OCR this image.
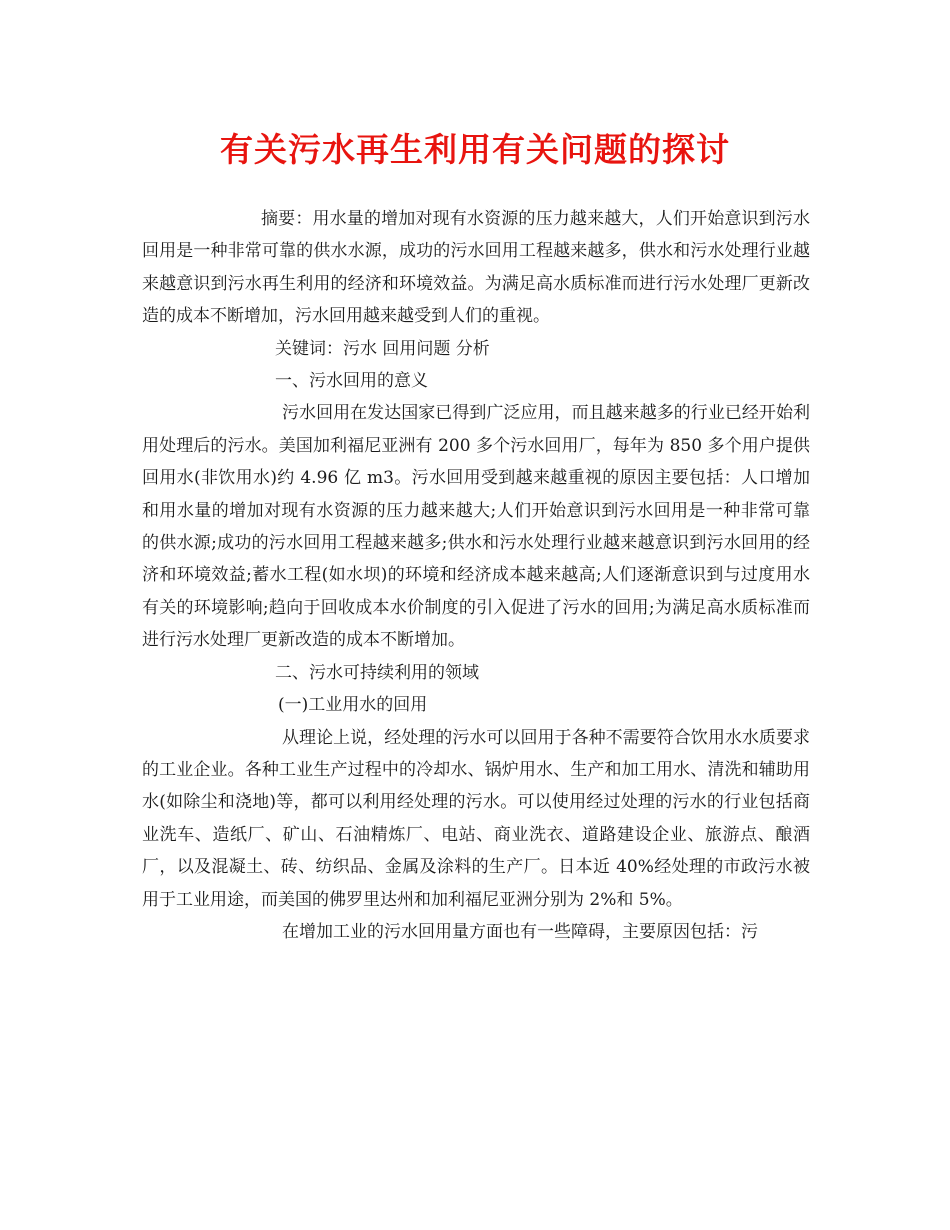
有关污水再生利用有关问题的探讨

摘要：用水量的增加对现有水资源的压力越来越大，人们开始意识到污水回用是一种非常可靠的供水水源，成功的污水回用工程越来越多，供水和污水处理行业越来越意识到污水再生利用的经济和环境效益。为满足高水质标准而进行污水处理厂更新改造的成本不断增加，污水回用越来越受到人们的重视。

关键词：污水 回用问题 分析

一、污水回用的意义

污水回用在发达国家已得到广泛应用，而且越来越多的行业已经开始利用处理后的污水。美国加利福尼亚洲有 200 多个污水回用厂，每年为 850 多个用户提供回用水(非饮用水)约 4.96 亿 m3。污水回用受到越来越重视的原因主要包括：人口增加和用水量的增加对现有水资源的压力越来越大;人们开始意识到污水回用是一种非常可靠的供水源;成功的污水回用工程越来越多;供水和污水处理行业越来越意识到污水回用的经济和环境效益;蓄水工程(如水坝)的环境和经济成本越来越高;人们逐渐意识到与过度用水有关的环境影响;趋向于回收成本水价制度的引入促进了污水的回用;为满足高水质标准而进行污水处理厂更新改造的成本不断增加。

二、污水可持续利用的领域

(一)工业用水的回用

从理论上说，经处理的污水可以回用于各种不需要符合饮用水水质要求的工业企业。各种工业生产过程中的冷却水、锅炉用水、生产和加工用水、清洗和辅助用水(如除尘和浇地)等，都可以利用经处理的污水。可以使用经过处理的污水的行业包括商业洗车、造纸厂、矿山、石油精炼厂、电站、商业洗衣、道路建设企业、旅游点、酿酒厂，以及混凝土、砖、纺织品、金属及涂料的生产厂。日本近 40%经处理的市政污水被用于工业用途，而美国的佛罗里达州和加利福尼亚洲分别为 2%和 5%。

在增加工业的污水回用量方面也有一些障碍，主要原因包括：污
